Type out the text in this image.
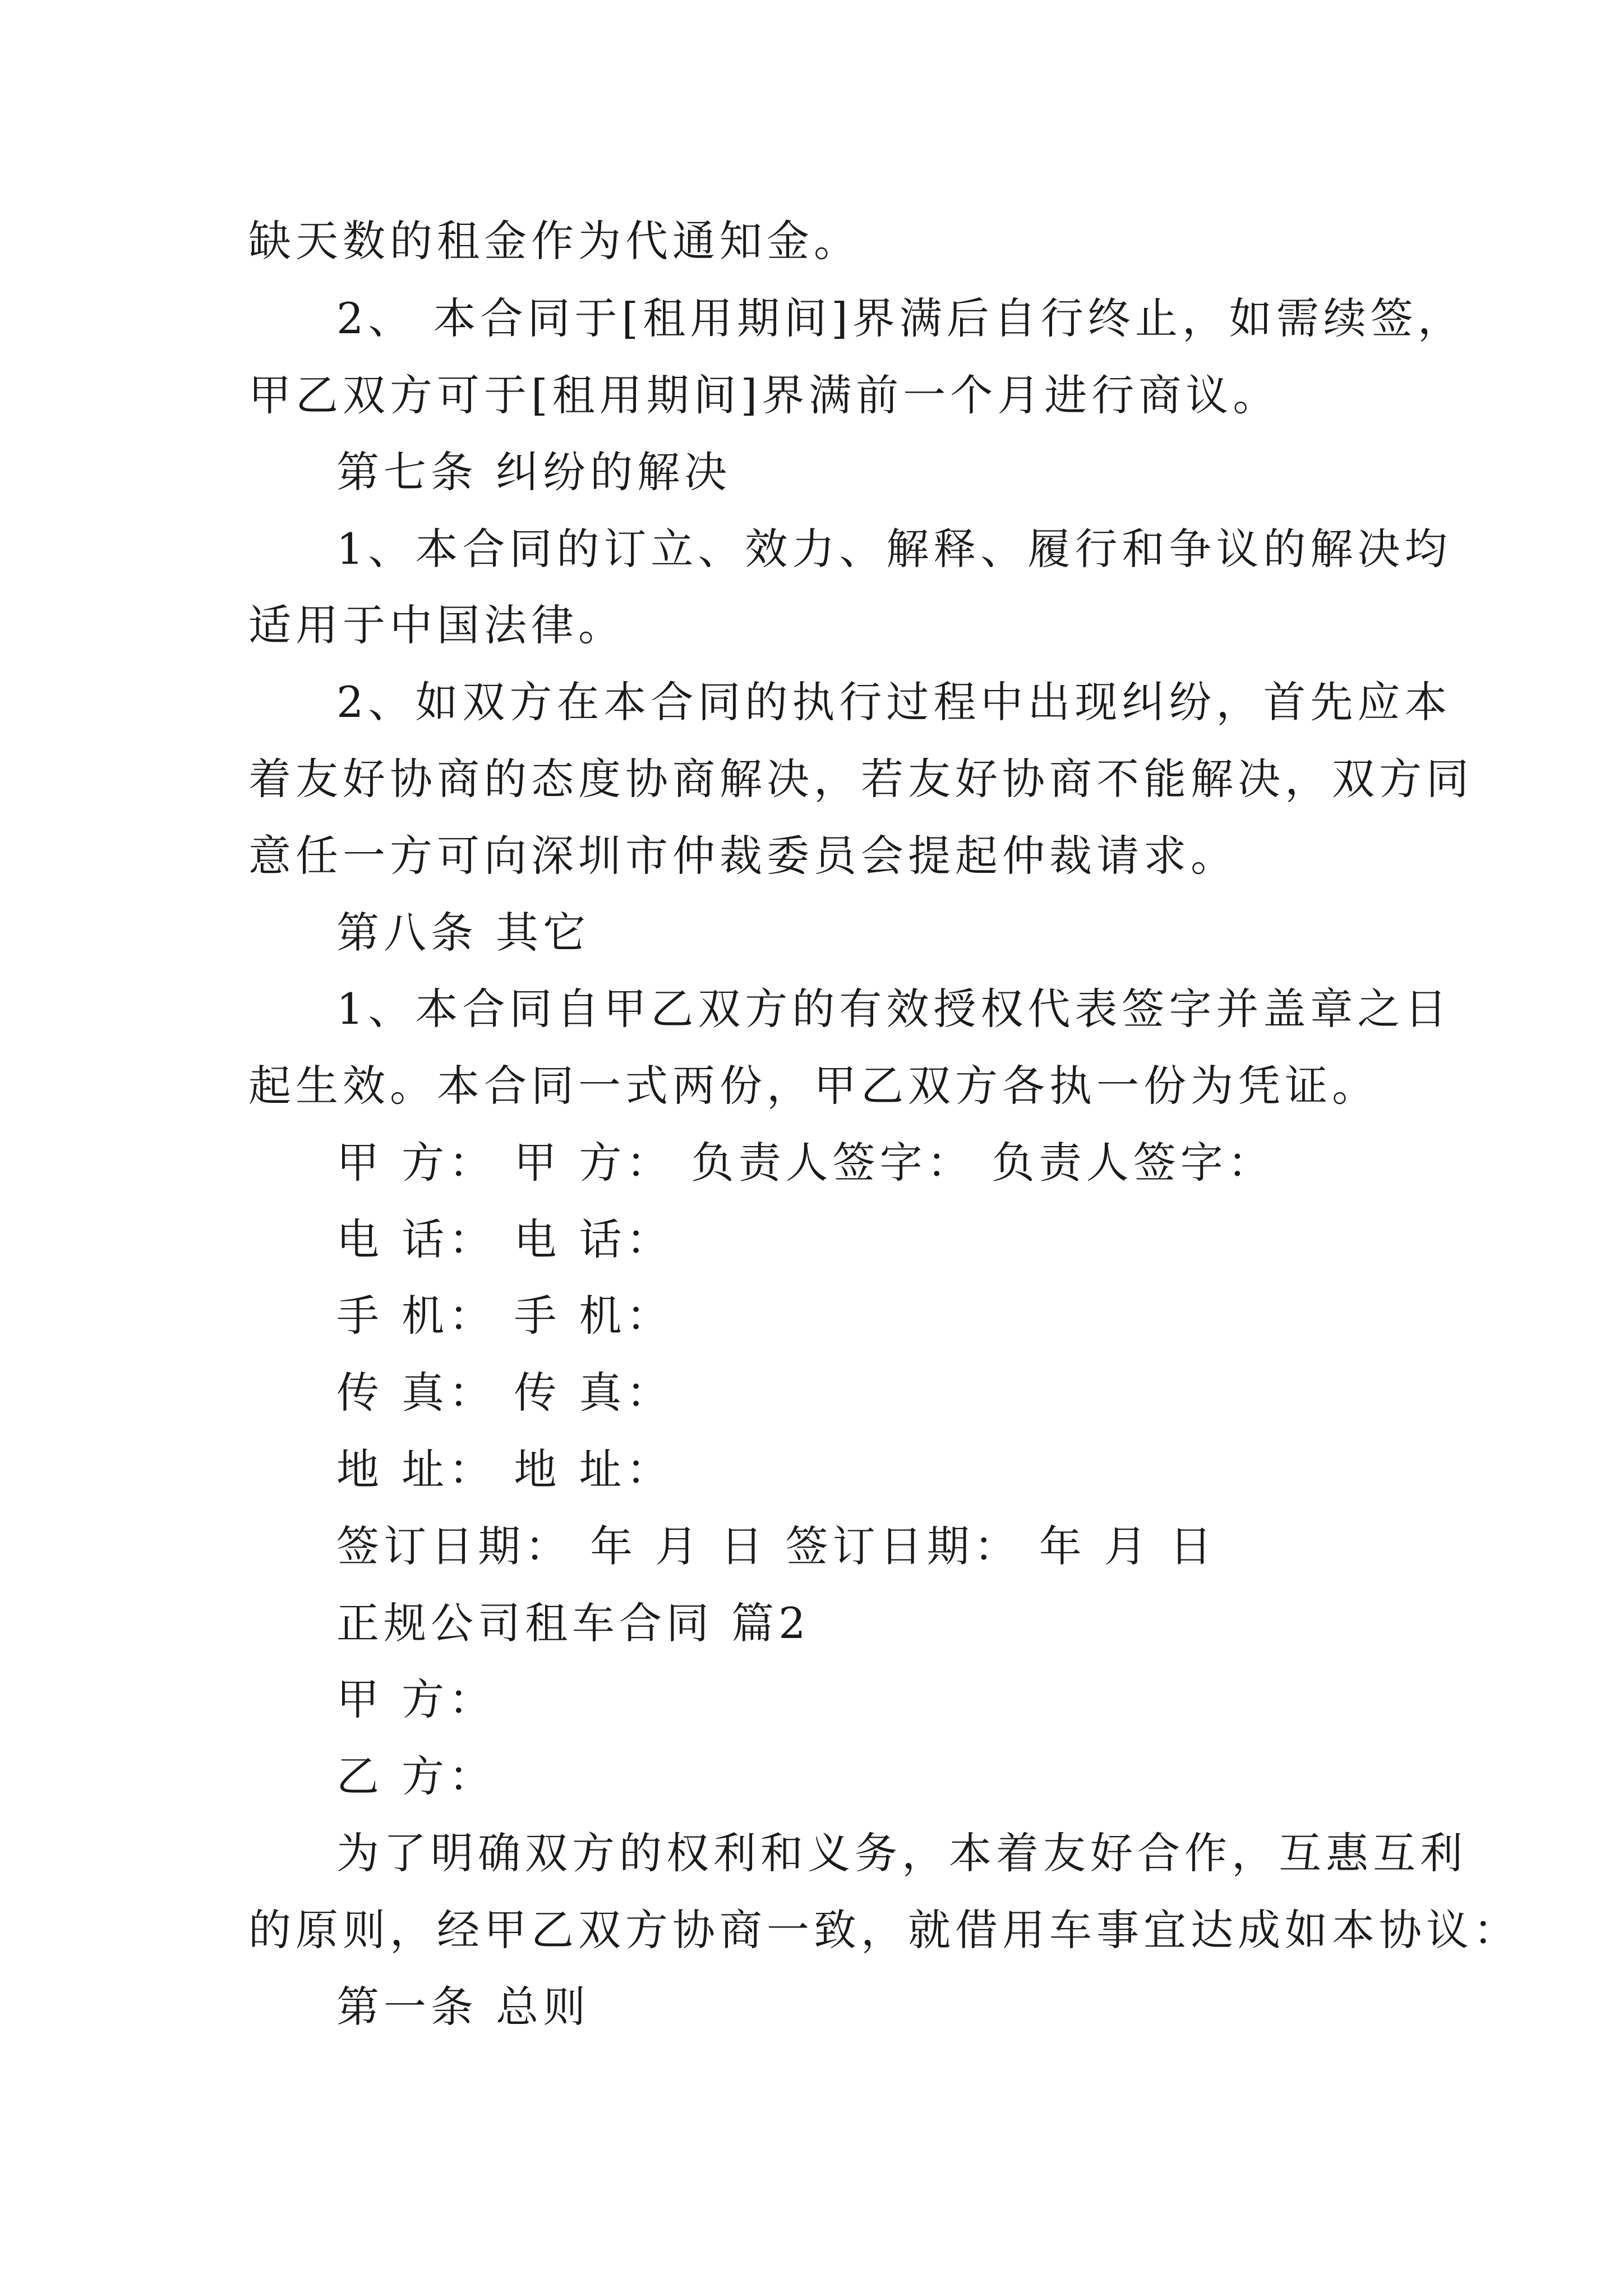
缺天数的租金作为代通知金。
2、 本合同于[租用期间]界满后自行终止，如需续签，
甲乙双方可于[租用期间]界满前一个月进行商议。
第七条 纠纷的解决
1、本合同的订立、效力、解释、履行和争议的解决均
适用于中国法律。
2、如双方在本合同的执行过程中出现纠纷，首先应本
着友好协商的态度协商解决，若友好协商不能解决，双方同
意任一方可向深圳市仲裁委员会提起仲裁请求。
第八条 其它
1、本合同自甲乙双方的有效授权代表签字并盖章之日
起生效。本合同一式两份，甲乙双方各执一份为凭证。
甲 方： 甲 方： 负责人签字： 负责人签字：
电 话： 电 话：
手 机： 手 机：
传 真： 传 真：
地 址： 地 址：
签订日期： 年 月 日 签订日期： 年 月 日
正规公司租车合同 篇2
甲 方：
乙 方：
为了明确双方的权利和义务，本着友好合作，互惠互利
的原则，经甲乙双方协商一致，就借用车事宜达成如本协议：
第一条 总则
